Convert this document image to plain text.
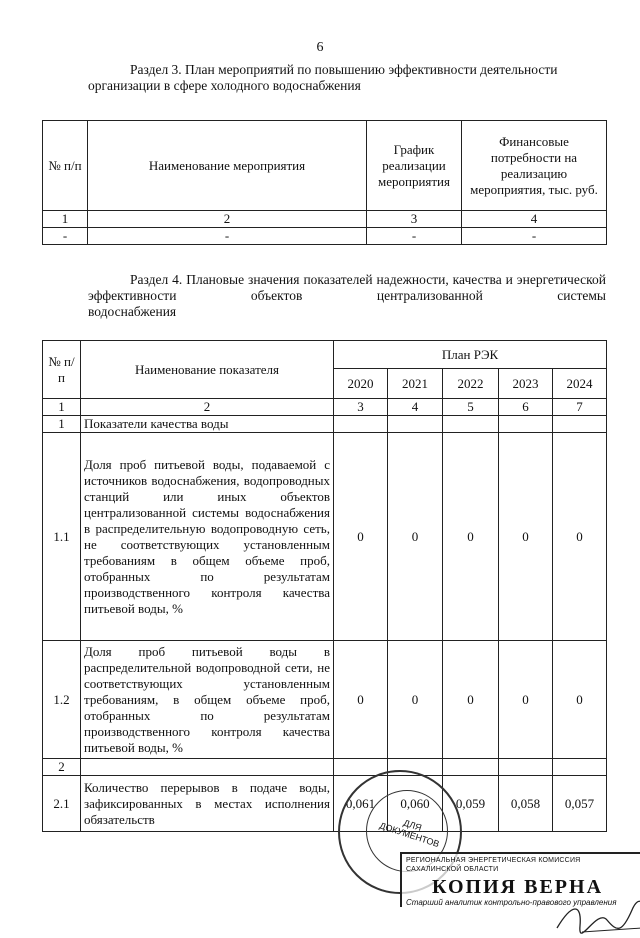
6
Раздел 3. План мероприятий по повышению эффективности деятельности организации в сфере холодного водоснабжения
№ п/п	Наименование мероприятия	График реализации мероприятия	Финансовые потребности на реализацию мероприятия, тыс. руб.
1	2	3	4
-	-	-	-
Раздел 4. Плановые значения показателей надежности, качества и энергетической эффективности объектов централизованной системы
водоснабжения
№ п/п	Наименование показателя	План РЭК				
		2020	2021	2022	2023	2024
1	2	3	4	5	6	7
1	Показатели качества воды					
1.1	Доля проб питьевой воды, подаваемой с источников водоснабжения, водопроводных станций или иных объектов централизованной системы водоснабжения в распределительную водопроводную сеть, не соответствующих установленным требованиям в общем объеме проб, отобранных по результатам производственного контроля качества питьевой воды, %	0	0	0	0	0
1.2	Доля проб питьевой воды в распределительной водопроводной сети, не соответствующих установленным требованиям, в общем объеме проб, отобранных по результатам производственного контроля качества питьевой воды, %	0	0	0	0	0
2						
2.1	Количество перерывов в подаче воды, зафиксированных в местах исполнения обязательств	0,061	0,060	0,059	0,058	0,057
ДЛЯ ДОКУМЕНТОВ
РЕГИОНАЛЬНАЯ ЭНЕРГЕТИЧЕСКАЯ КОМИССИЯ САХАЛИНСКОЙ ОБЛАСТИ
КОПИЯ ВЕРНА
Старший аналитик контрольно-правового управления
